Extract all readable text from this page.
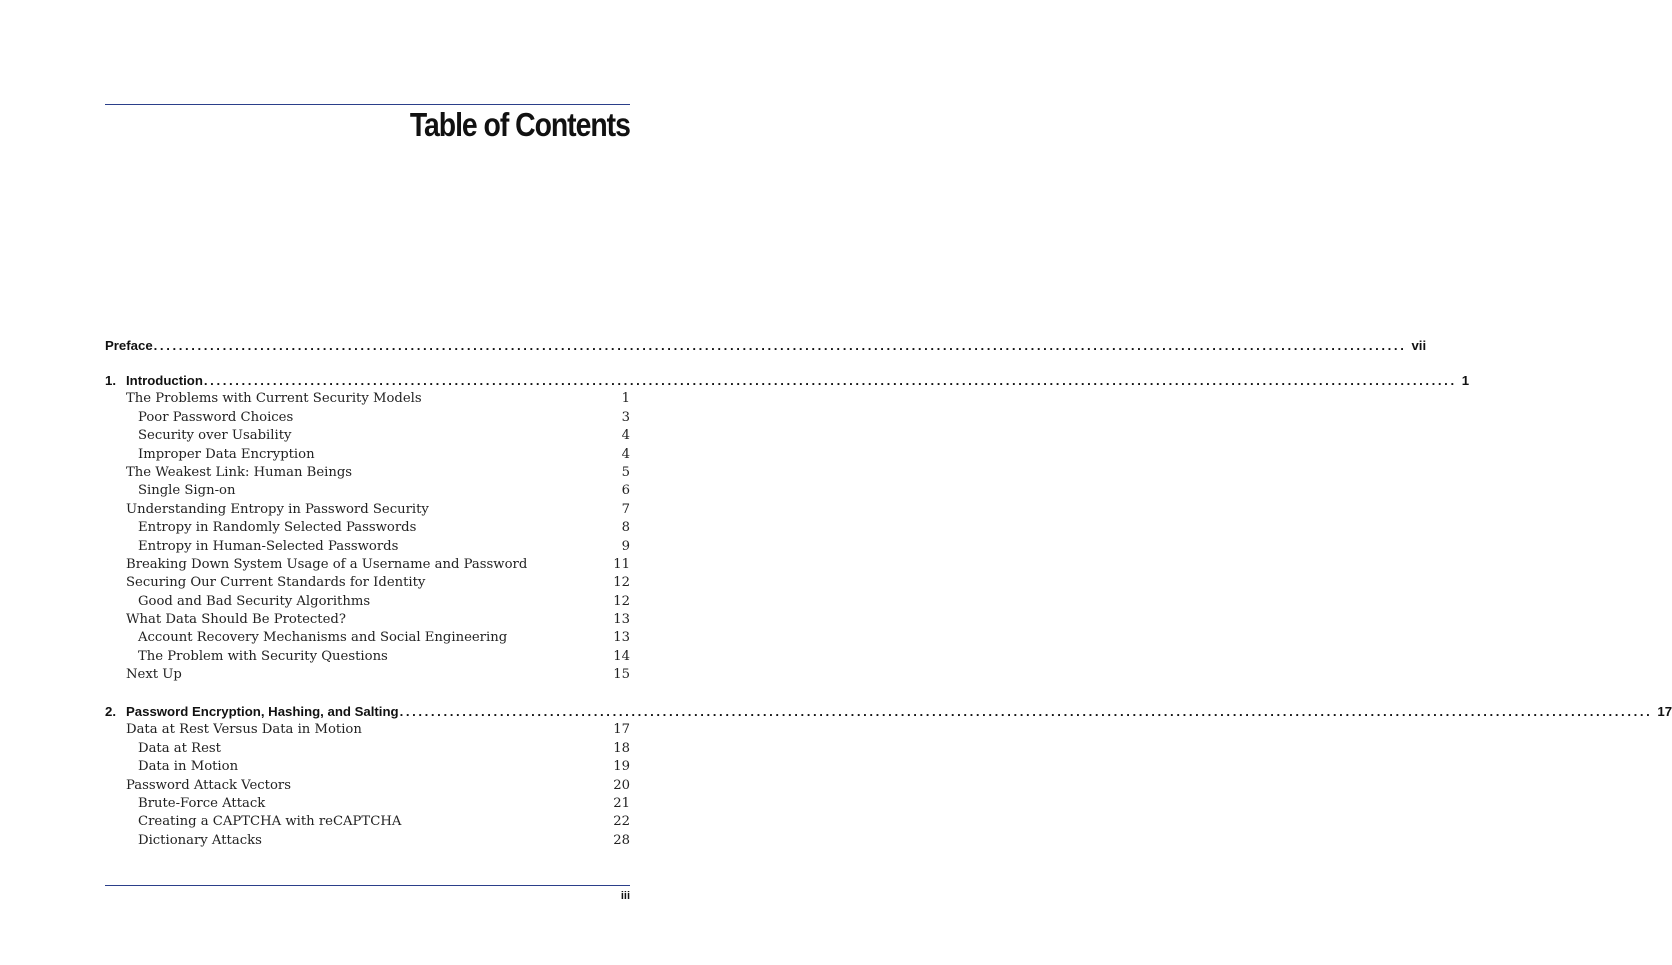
Table of Contents
Preface ........................................................................................................................................................................................................ vii
1. Introduction ........................................................................................................................................................................................................ 1
The Problems with Current Security Models	1
Poor Password Choices	3
Security over Usability	4
Improper Data Encryption	4
The Weakest Link: Human Beings	5
Single Sign-on	6
Understanding Entropy in Password Security	7
Entropy in Randomly Selected Passwords	8
Entropy in Human-Selected Passwords	9
Breaking Down System Usage of a Username and Password	11
Securing Our Current Standards for Identity	12
Good and Bad Security Algorithms	12
What Data Should Be Protected?	13
Account Recovery Mechanisms and Social Engineering	13
The Problem with Security Questions	14
Next Up	15
2. Password Encryption, Hashing, and Salting ........................................................................................................................................................................................................ 17
Data at Rest Versus Data in Motion	17
Data at Rest	18
Data in Motion	19
Password Attack Vectors	20
Brute-Force Attack	21
Creating a CAPTCHA with reCAPTCHA	22
Dictionary Attacks	28
iii
